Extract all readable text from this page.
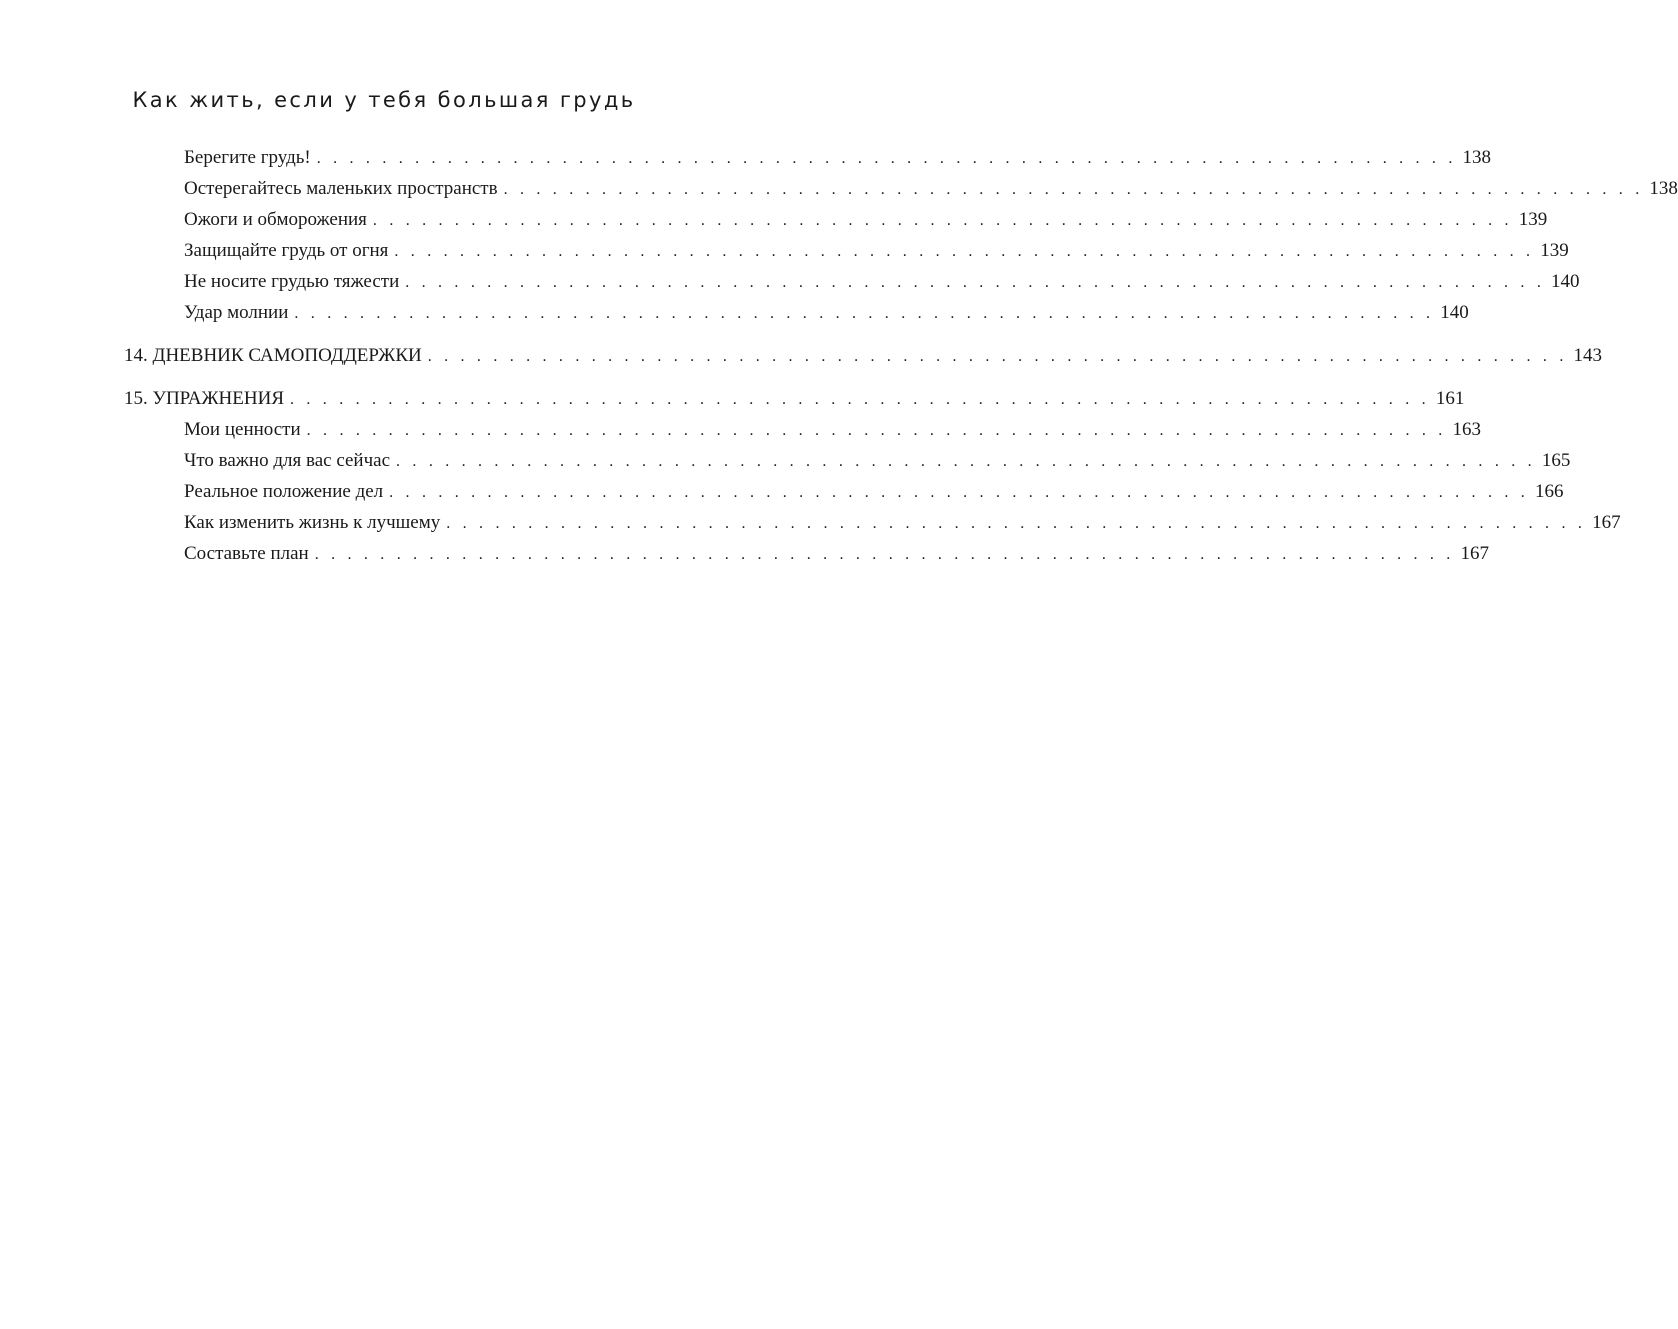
Как жить, если у тебя большая грудь
Берегите грудь! . . . . . . . . . . . . . . . . . . . . . . . . . . . . . . . . . . . . . . . . . . . . . . . . . . . . . . . . . . . . . . . . . . . . . . 138
Остерегайтесь маленьких пространств . . . . . . . . . . . . . . . . . . . . . . . . . . . . . . . . . . . . . . . . . . . . . . . . . . . . . . . . . . . . . . . . . . . . . . 138
Ожоги и обморожения . . . . . . . . . . . . . . . . . . . . . . . . . . . . . . . . . . . . . . . . . . . . . . . . . . . . . . . . . . . . . . . . . . . . . . 139
Защищайте грудь от огня . . . . . . . . . . . . . . . . . . . . . . . . . . . . . . . . . . . . . . . . . . . . . . . . . . . . . . . . . . . . . . . . . . . . . . 139
Не носите грудью тяжести . . . . . . . . . . . . . . . . . . . . . . . . . . . . . . . . . . . . . . . . . . . . . . . . . . . . . . . . . . . . . . . . . . . . . . 140
Удар молнии . . . . . . . . . . . . . . . . . . . . . . . . . . . . . . . . . . . . . . . . . . . . . . . . . . . . . . . . . . . . . . . . . . . . . . 140
14. ДНЕВНИК САМОПОДДЕРЖКИ . . . . . . . . . . . . . . . . . . . . . . . . . . . . . . . . . . . . . . . . . . . . . . . . . . . . . . . . . . . . . . . . . . . . . . 143
15. УПРАЖНЕНИЯ . . . . . . . . . . . . . . . . . . . . . . . . . . . . . . . . . . . . . . . . . . . . . . . . . . . . . . . . . . . . . . . . . . . . . . 161
Мои ценности . . . . . . . . . . . . . . . . . . . . . . . . . . . . . . . . . . . . . . . . . . . . . . . . . . . . . . . . . . . . . . . . . . . . . . 163
Что важно для вас сейчас . . . . . . . . . . . . . . . . . . . . . . . . . . . . . . . . . . . . . . . . . . . . . . . . . . . . . . . . . . . . . . . . . . . . . . 165
Реальное положение дел . . . . . . . . . . . . . . . . . . . . . . . . . . . . . . . . . . . . . . . . . . . . . . . . . . . . . . . . . . . . . . . . . . . . . . 166
Как изменить жизнь к лучшему . . . . . . . . . . . . . . . . . . . . . . . . . . . . . . . . . . . . . . . . . . . . . . . . . . . . . . . . . . . . . . . . . . . . . . 167
Составьте план . . . . . . . . . . . . . . . . . . . . . . . . . . . . . . . . . . . . . . . . . . . . . . . . . . . . . . . . . . . . . . . . . . . . . . 167
